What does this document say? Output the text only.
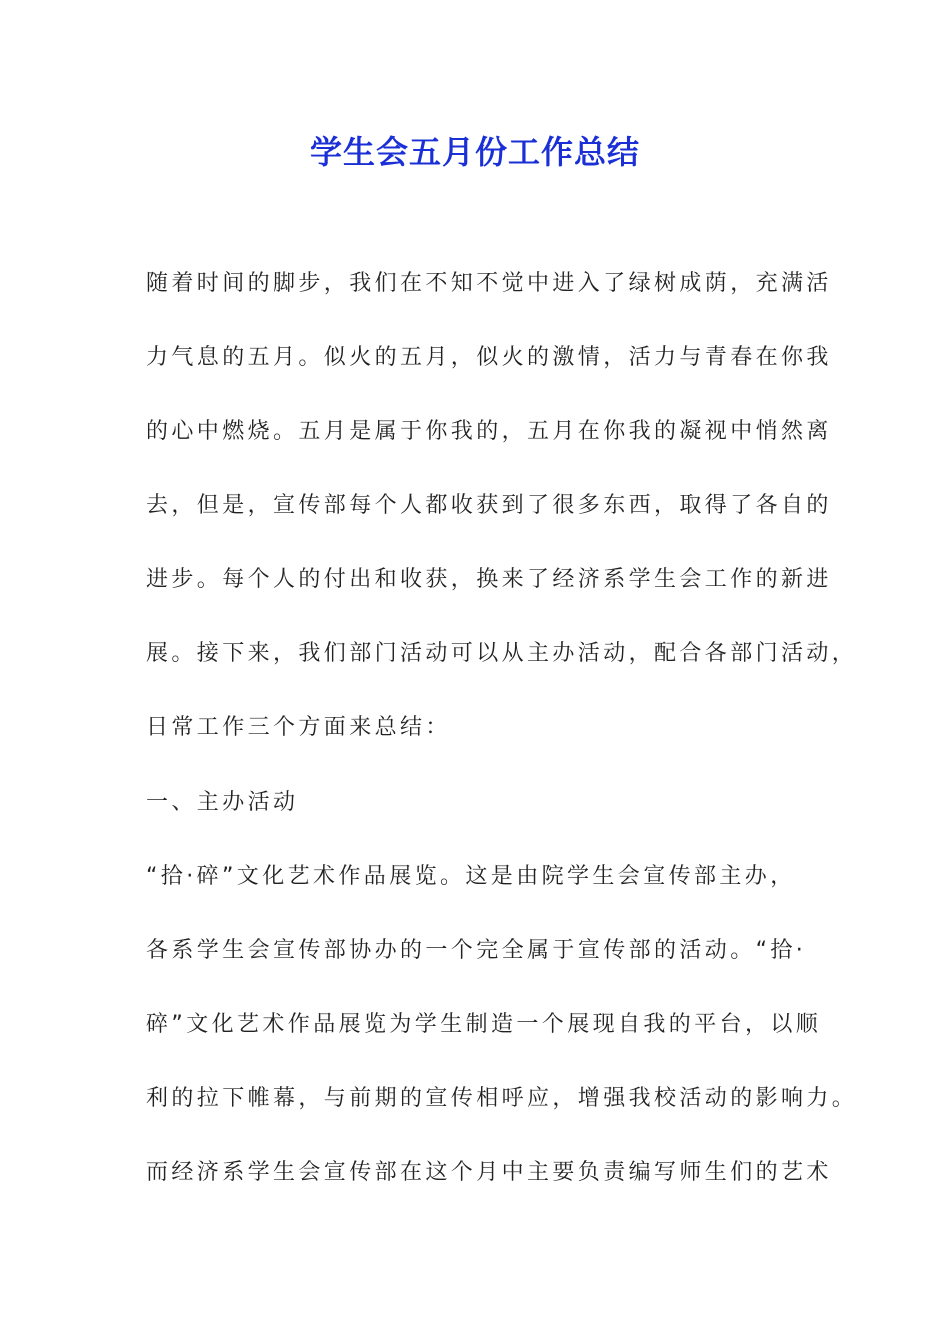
学生会五月份工作总结

随着时间的脚步，我们在不知不觉中进入了绿树成荫，充满活

力气息的五月。似火的五月，似火的激情，活力与青春在你我

的心中燃烧。五月是属于你我的，五月在你我的凝视中悄然离

去，但是，宣传部每个人都收获到了很多东西，取得了各自的

进步。每个人的付出和收获，换来了经济系学生会工作的新进

展。接下来，我们部门活动可以从主办活动，配合各部门活动，

日常工作三个方面来总结：

一、主办活动

“拾·碎”文化艺术作品展览。这是由院学生会宣传部主办，

各系学生会宣传部协办的一个完全属于宣传部的活动。“拾·

碎”文化艺术作品展览为学生制造一个展现自我的平台，以顺

利的拉下帷幕，与前期的宣传相呼应，增强我校活动的影响力。

而经济系学生会宣传部在这个月中主要负责编写师生们的艺术
